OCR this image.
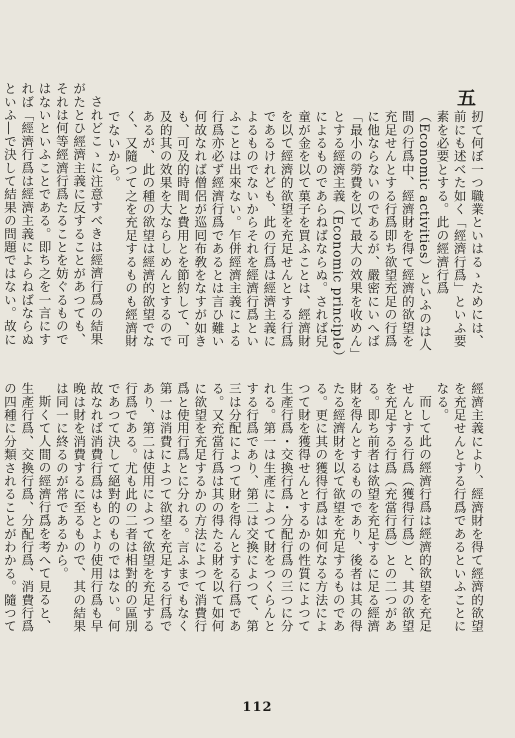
五

扨て何ぼ一つ職業といはるゝためには、前にも述べた如く「經濟行爲」といふ要素を必要とする。此の經濟行爲（Economic activities）といふのは人間の行爲中、經濟財を得て經濟的欲望を充足せんとする行爲即ち欲望充足の行爲に他ならないのであるが、嚴密にいへば「最小の勞費を以て最大の效果を收めん」とする經濟主義（Economic principle）によるものであらねばならぬ。されば兒童が金を以て菓子を買ふことは、經濟財を以て經濟的欲望を充足せんとする行爲であるけれども、此の行爲は經濟主義によるものでないからそれを經濟行爲といふことは出來ない。乍併經濟主義による行爲亦必ず經濟行爲であるとは言ひ難い何故なれば僧侶が巡囘布敎をなすが如きも、可及的時間と費用とを節約して、可及的其の效果を大ならしめんとするのであるが、此の種の欲望は經濟的欲望でなく、又隨つて之を充足するものも經濟財でないから。

されどこゝに注意すべきは經濟行爲の結果がたとひ經濟主義に反することがあつても、それは何等經濟行爲たることを妨ぐるものではないといふことである。即ち之を一言にすれば「經濟行爲は經濟主義によらねばならぬといふ―で決して結果の問題ではない。故に

經濟主義により、經濟財を得て經濟的欲望を充足せんとする行爲であるといふことになる。

而して此の經濟行爲は經濟的欲望を充足せんとする行爲（獲得行爲）と、其の欲望を充足する行爲（充當行爲）との二つがある。即ち前者は欲望を充足するに足る經濟財を得んとするものであり、後者は其の得たる經濟財を以て欲望を充足するものである。更に其の獲得行爲は如何なる方法によつて財を獲得せんとするかの性質によつて生產行爲・交換行爲・分配行爲の三つに分れる。第一は生產によつて財をつくらんとする行爲であり、第二は交換によつて、第三は分配によつて財を得んとする行爲である。又充當行爲は其の得たる財を以て如何に欲望を充足するかの方法によつて消費行爲と使用行爲とに分れる。言ふまでもなく第一は消費によつて欲望を充足する行爲であり、第二は使用によつて欲望を充足する行爲である。尤も此の二者は相對的の區別であつて決して絕對的のものではない。何故なれば消費行爲はもとより使用行爲も早晚は財を消費するに至るもので、其の結果は同一に終るのが常であるから。

斯くて人間の經濟行爲を考へて見ると、生產行爲、交換行爲、分配行爲、消費行爲の四種に分類されることがわかる。隨つて

112
